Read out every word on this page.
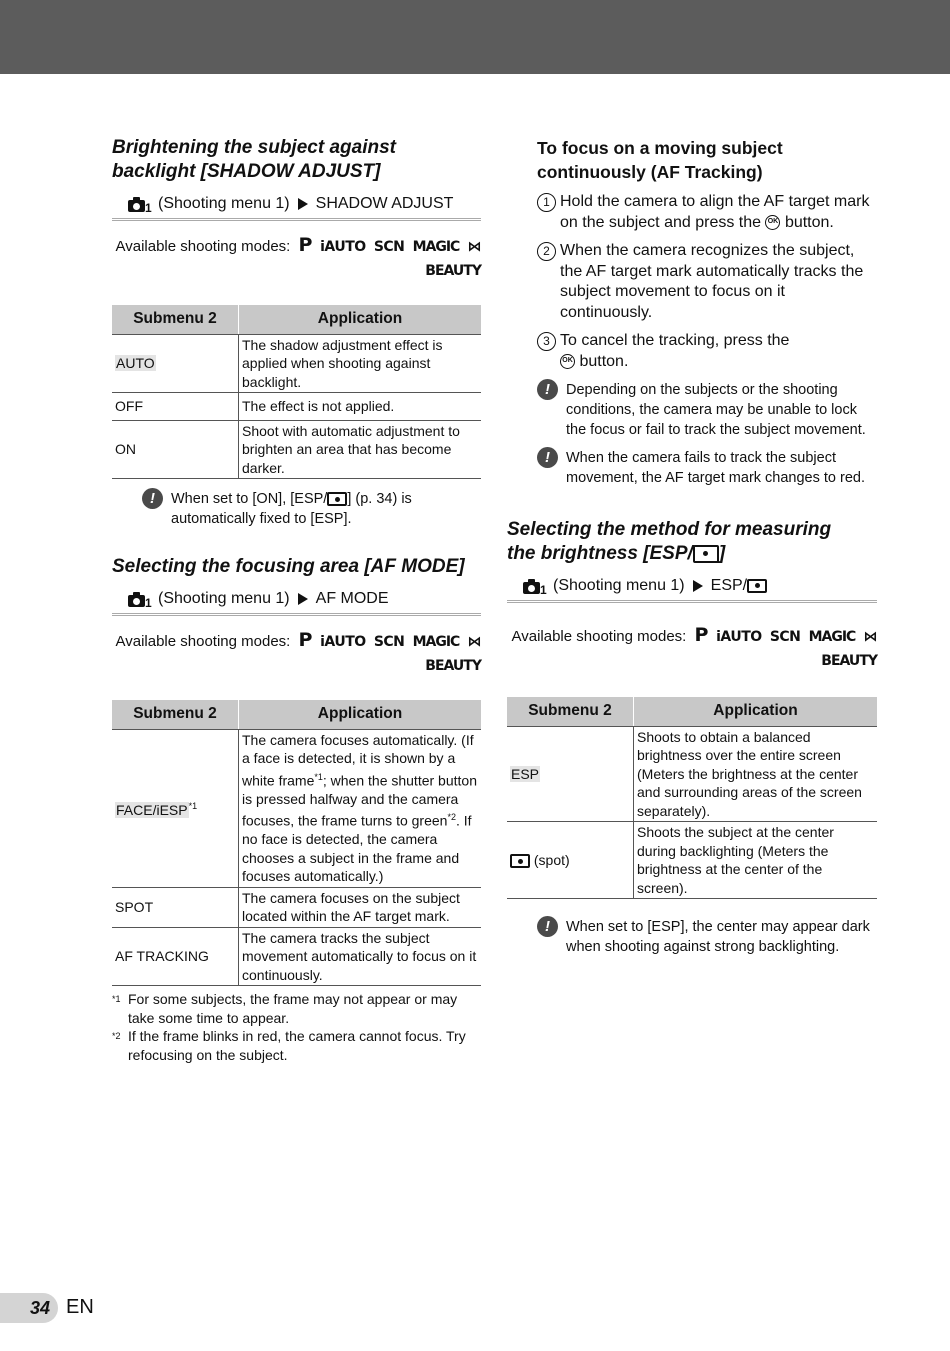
Brightening the subject against backlight [SHADOW ADJUST]
1 (Shooting menu 1) SHADOW ADJUST
Available shooting modes: P iAUTO SCN MAGIC ⋈
BEAUTY
Submenu 2	Application
AUTO	The shadow adjustment effect is applied when shooting against backlight.
OFF	The effect is not applied.
ON	Shoot with automatic adjustment to brighten an area that has become darker.
!	When set to [ON], [ESP/ ] (p. 34) is automatically fixed to [ESP].
Selecting the focusing area [AF MODE]
1 (Shooting menu 1) AF MODE
Available shooting modes: P iAUTO SCN MAGIC ⋈
BEAUTY
Submenu 2	Application
FACE/iESP$^{*1}$	The camera focuses automatically. (If a face is detected, it is shown by a white frame$^{*1}$; when the shutter button is pressed halfway and the camera focuses, the frame turns to green$^{*2}$. If no face is detected, the camera chooses a subject in the frame and focuses automatically.)
SPOT	The camera focuses on the subject located within the AF target mark.
AF TRACKING	The camera tracks the subject movement automatically to focus on it continuously.
*1 For some subjects, the frame may not appear or may take some time to appear.
*2 If the frame blinks in red, the camera cannot focus. Try refocusing on the subject.
To focus on a moving subject continuously (AF Tracking)
1 Hold the camera to align the AF target mark on the subject and press the OK button.
2 When the camera recognizes the subject, the AF target mark automatically tracks the subject movement to focus on it continuously.
3 To cancel the tracking, press the
OK button.
!	Depending on the subjects or the shooting conditions, the camera may be unable to lock the focus or fail to track the subject movement.
!	When the camera fails to track the subject movement, the AF target mark changes to red.
Selecting the method for measuring the brightness [ESP/ ]
1 (Shooting menu 1) ESP/
Available shooting modes: P iAUTO SCN MAGIC ⋈
BEAUTY
Submenu 2	Application
ESP	Shoots to obtain a balanced brightness over the entire screen (Meters the brightness at the center and surrounding areas of the screen separately).
(spot)	Shoots the subject at the center during backlighting (Meters the brightness at the center of the screen).
!	When set to [ESP], the center may appear dark when shooting against strong backlighting.
34 EN
